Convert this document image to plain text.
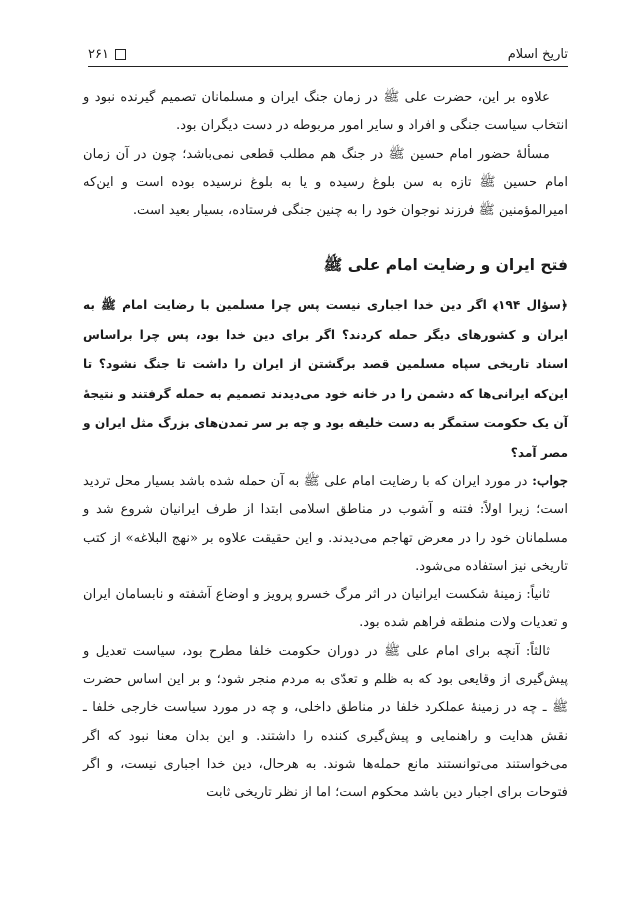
تاریخ اسلام
۲۶۱

علاوه بر این، حضرت علی ﷺ در زمان جنگ ایران و مسلمانان تصمیم گیرنده نبود و انتخاب سیاست جنگی و افراد و سایر امور مربوطه در دست دیگران بود.

مسألهٔ حضور امام حسین ﷺ در جنگ هم مطلب قطعی نمی‌باشد؛ چون در آن زمان امام حسین ﷺ تازه به سن بلوغ رسیده و یا به بلوغ نرسیده بوده است و این‌که امیرالمؤمنین ﷺ فرزند نوجوان خود را به چنین جنگی فرستاده، بسیار بعید است.

فتح ایران و رضایت امام علی ﷺ

﴿سؤال ۱۹۴﴾ اگر دین خدا اجباری نیست پس چرا مسلمین با رضایت امام ﷺ به ایران و کشورهای دیگر حمله کردند؟ اگر برای دین خدا بود، پس چرا براساس اسناد تاریخی سپاه مسلمین قصد برگشتن از ایران را داشت تا جنگ نشود؟ تا این‌که ایرانی‌ها که دشمن را در خانه خود می‌دیدند تصمیم به حمله گرفتند و نتیجهٔ آن یک حکومت ستمگر به دست خلیفه بود و چه بر سر تمدن‌های بزرگ مثل ایران و مصر آمد؟

جواب: در مورد ایران که با رضایت امام علی ﷺ به آن حمله شده باشد بسیار محل تردید است؛ زیرا اولاً: فتنه و آشوب در مناطق اسلامی ابتدا از طرف ایرانیان شروع شد و مسلمانان خود را در معرض تهاجم می‌دیدند. و این حقیقت علاوه بر «نهج البلاغه» از کتب تاریخی نیز استفاده می‌شود.

ثانیاً: زمینهٔ شکست ایرانیان در اثر مرگ خسرو پرویز و اوضاع آشفته و نابسامان ایران و تعدیات ولات منطقه فراهم شده بود.

ثالثاً: آنچه برای امام علی ﷺ در دوران حکومت خلفا مطرح بود، سیاست تعدیل و پیش‌گیری از وقایعی بود که به ظلم و تعدّی به مردم منجر شود؛ و بر این اساس حضرت ﷺ ـ چه در زمینهٔ عملکرد خلفا در مناطق داخلی، و چه در مورد سیاست خارجی خلفا ـ نقش هدایت و راهنمایی و پیش‌گیری کننده را داشتند. و این بدان معنا نبود که اگر می‌خواستند می‌توانستند مانع حمله‌ها شوند. به هرحال، دین خدا اجباری نیست، و اگر فتوحات برای اجبار دین باشد محکوم است؛ اما از نظر تاریخی ثابت
